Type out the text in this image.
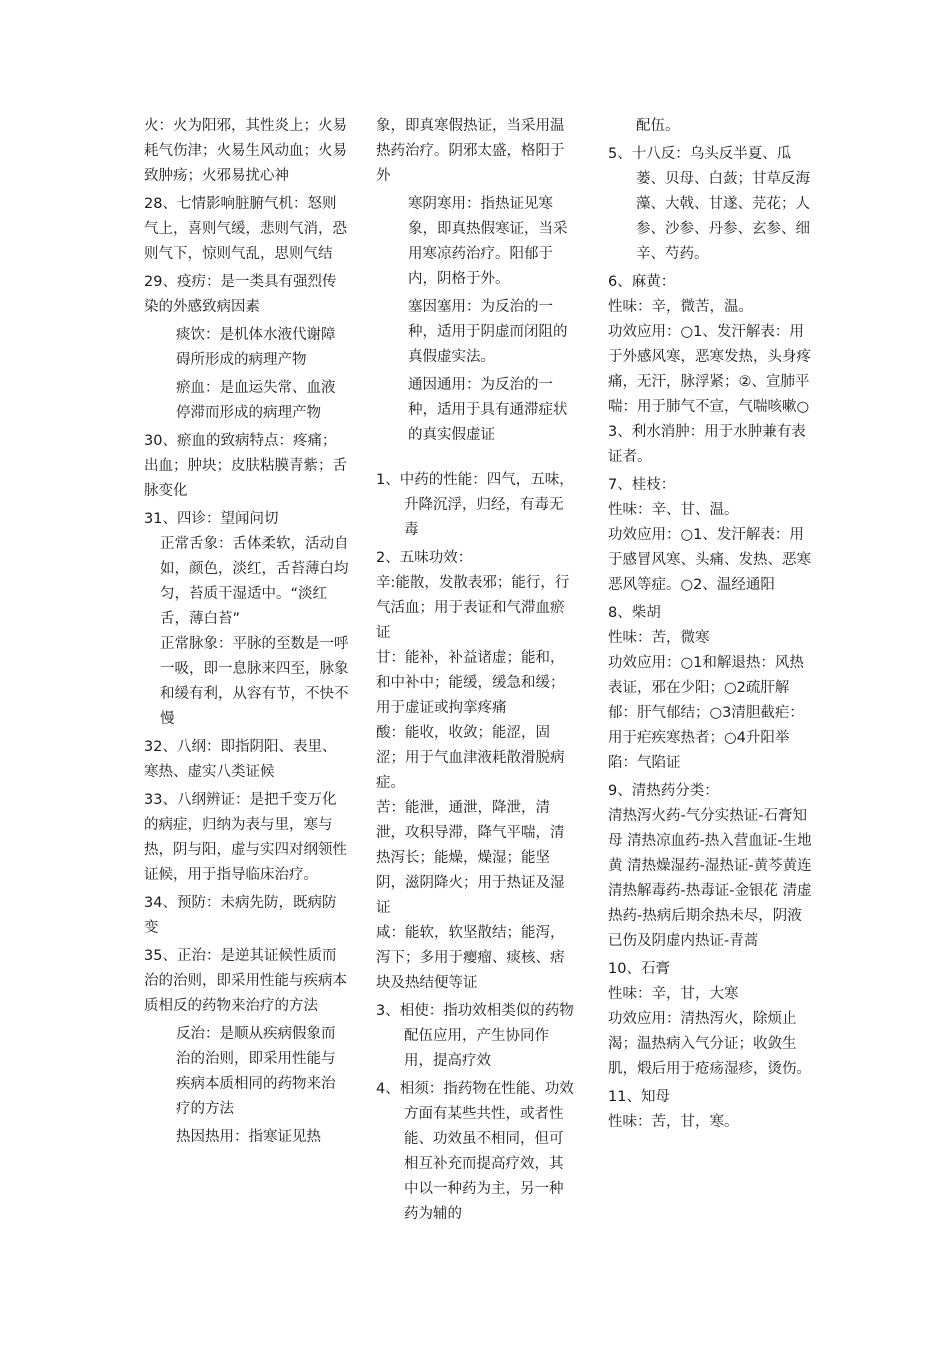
火：火为阳邪，其性炎上；火易耗气伤津；火易生风动血；火易致肿疡；火邪易扰心神

28、七情影响脏腑气机：怒则气上，喜则气缓，悲则气消，恐则气下，惊则气乱，思则气结

29、疫疠：是一类具有强烈传染的外感致病因素

痰饮：是机体水液代谢障碍所形成的病理产物

瘀血：是血运失常、血液停滞而形成的病理产物

30、瘀血的致病特点：疼痛；出血；肿块；皮肤粘膜青紫；舌脉变化

31、四诊：望闻问切

正常舌象：舌体柔软，活动自如，颜色，淡红，舌苔薄白均匀，苔质干湿适中。“淡红舌，薄白苔”

正常脉象：平脉的至数是一呼一吸，即一息脉来四至，脉象和缓有利，从容有节，不快不慢

32、八纲：即指阴阳、表里、寒热、虚实八类证候

33、八纲辨证：是把千变万化的病症，归纳为表与里，寒与热，阴与阳，虚与实四对纲领性证候，用于指导临床治疗。

34、预防：未病先防，既病防变

35、正治：是逆其证候性质而治的治则，即采用性能与疾病本质相反的药物来治疗的方法

反治：是顺从疾病假象而治的治则，即采用性能与疾病本质相同的药物来治疗的方法

热因热用：指寒证见热

象，即真寒假热证，当采用温热药治疗。阴邪太盛，格阳于外

寒阴寒用：指热证见寒象，即真热假寒证，当采用寒凉药治疗。阳郁于内，阴格于外。

塞因塞用：为反治的一种，适用于阴虚而闭阻的真假虚实法。

通因通用：为反治的一种，适用于具有通滞症状的真实假虚证

1、中药的性能：四气，五味，升降沉浮，归经，有毒无毒

2、五味功效：

辛:能散，发散表邪；能行，行气活血；用于表证和气滞血瘀证

甘：能补，补益诸虚；能和，和中补中；能缓，缓急和缓；用于虚证或拘挛疼痛

酸：能收，收敛；能涩，固涩；用于气血津液耗散滑脱病症。

苦：能泄，通泄，降泄，清泄，攻积导滞，降气平喘，清热泻长；能燥，燥湿；能坚阴，滋阴降火；用于热证及湿证

咸：能软，软坚散结；能泻，泻下；多用于瘿瘤、痰核、痞块及热结便等证

3、相使：指功效相类似的药物配伍应用，产生协同作用，提高疗效

4、相须：指药物在性能、功效方面有某些共性，或者性能、功效虽不相同，但可相互补充而提高疗效，其中以一种药为主，另一种药为辅的

配伍。

5、十八反：乌头反半夏、瓜蒌、贝母、白蔹；甘草反海藻、大戟、甘遂、芫花；人参、沙参、丹参、玄参、细辛、芍药。

6、麻黄：

性味：辛，微苦，温。

功效应用：○1、发汗解表：用于外感风寒，恶寒发热，头身疼痛，无汗，脉浮紧；②、宣肺平喘：用于肺气不宣，气喘咳嗽○3、利水消肿：用于水肿兼有表证者。

7、桂枝：

性味：辛、甘、温。

功效应用：○1、发汗解表：用于感冒风寒、头痛、发热、恶寒恶风等症。○2、温经通阳

8、柴胡

性味：苦，微寒

功效应用：○1和解退热：风热表证，邪在少阳；○2疏肝解郁：肝气郁结；○3清胆截疟：用于疟疾寒热者；○4升阳举陷：气陷证

9、清热药分类：

清热泻火药-气分实热证-石膏知母 清热凉血药-热入营血证-生地黄 清热燥湿药-湿热证-黄芩黄连 清热解毒药-热毒证-金银花 清虚热药-热病后期余热未尽，阴液已伤及阴虚内热证-青蒿

10、石膏

性味：辛，甘，大寒

功效应用：清热泻火，除烦止渴；温热病入气分证；收敛生肌，煅后用于疮疡湿疹，烫伤。

11、知母

性味：苦，甘，寒。
